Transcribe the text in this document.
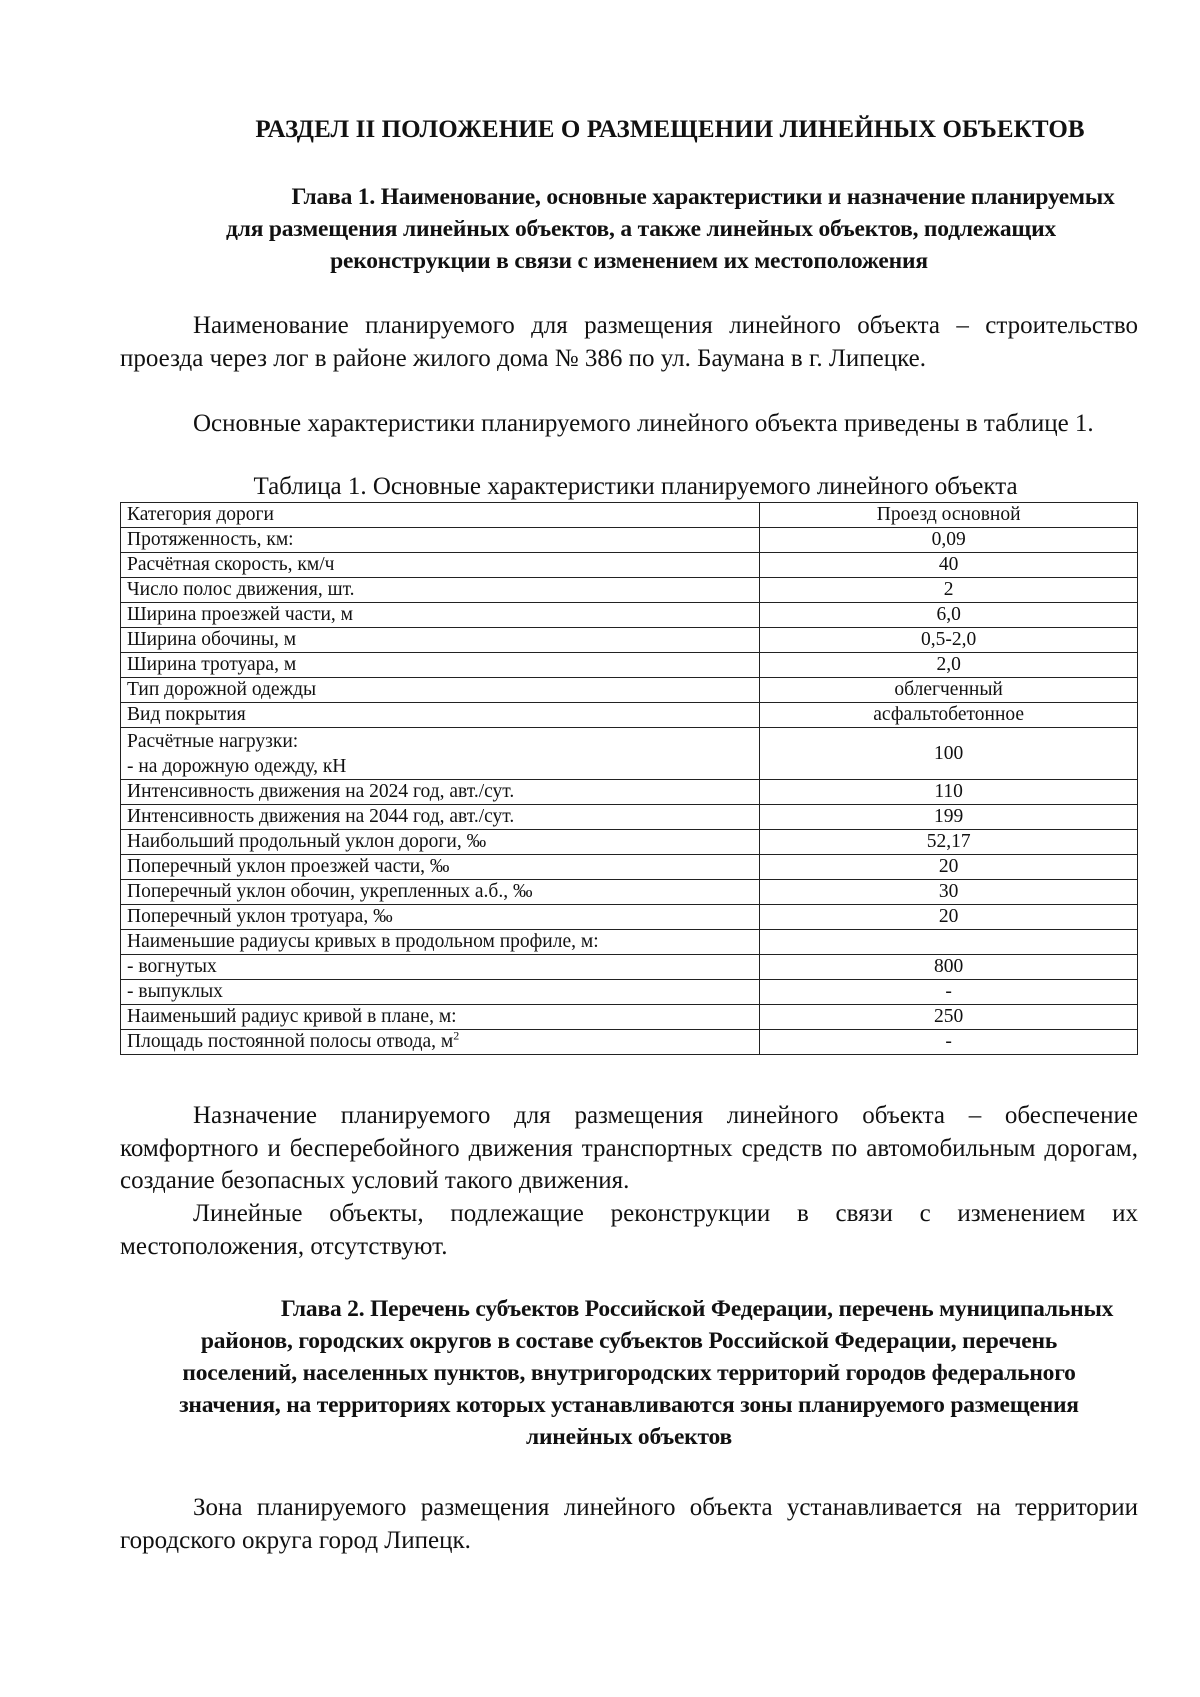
РАЗДЕЛ II ПОЛОЖЕНИЕ О РАЗМЕЩЕНИИ ЛИНЕЙНЫХ ОБЪЕКТОВ
Глава 1. Наименование, основные характеристики и назначение планируемых
для размещения линейных объектов, а также линейных объектов, подлежащих
реконструкции в связи с изменением их местоположения
Наименование планируемого для размещения линейного объекта – строительство проезда через лог в районе жилого дома № 386 по ул. Баумана в г. Липецке.
Основные характеристики планируемого линейного объекта приведены в таблице 1.
Таблица 1. Основные характеристики планируемого линейного объекта
Категория дороги	Проезд основной
Протяженность, км:	0,09
Расчётная скорость, км/ч	40
Число полос движения, шт.	2
Ширина проезжей части, м	6,0
Ширина обочины, м	0,5-2,0
Ширина тротуара, м	2,0
Тип дорожной одежды	облегченный
Вид покрытия	асфальтобетонное

Расчётные нагрузки:
- на дорожную одежду, кН	100
Интенсивность движения на 2024 год, авт./сут.	110
Интенсивность движения на 2044 год, авт./сут.	199
Наибольший продольный уклон дороги, ‰	52,17
Поперечный уклон проезжей части, ‰	20
Поперечный уклон обочин, укрепленных а.б., ‰	30
Поперечный уклон тротуара, ‰	20
Наименьшие радиусы кривых в продольном профиле, м:	
- вогнутых	800
- выпуклых	-
Наименьший радиус кривой в плане, м:	250
Площадь постоянной полосы отвода, $м^2$	-
Назначение планируемого для размещения линейного объекта – обеспечение комфортного и бесперебойного движения транспортных средств по автомобильным дорогам, создание безопасных условий такого движения.
Линейные объекты, подлежащие реконструкции в связи с изменением их местоположения, отсутствуют.
Глава 2. Перечень субъектов Российской Федерации, перечень муниципальных
районов, городских округов в составе субъектов Российской Федерации, перечень
поселений, населенных пунктов, внутригородских территорий городов федерального
значения, на территориях которых устанавливаются зоны планируемого размещения
линейных объектов
Зона планируемого размещения линейного объекта устанавливается на территории городского округа город Липецк.
